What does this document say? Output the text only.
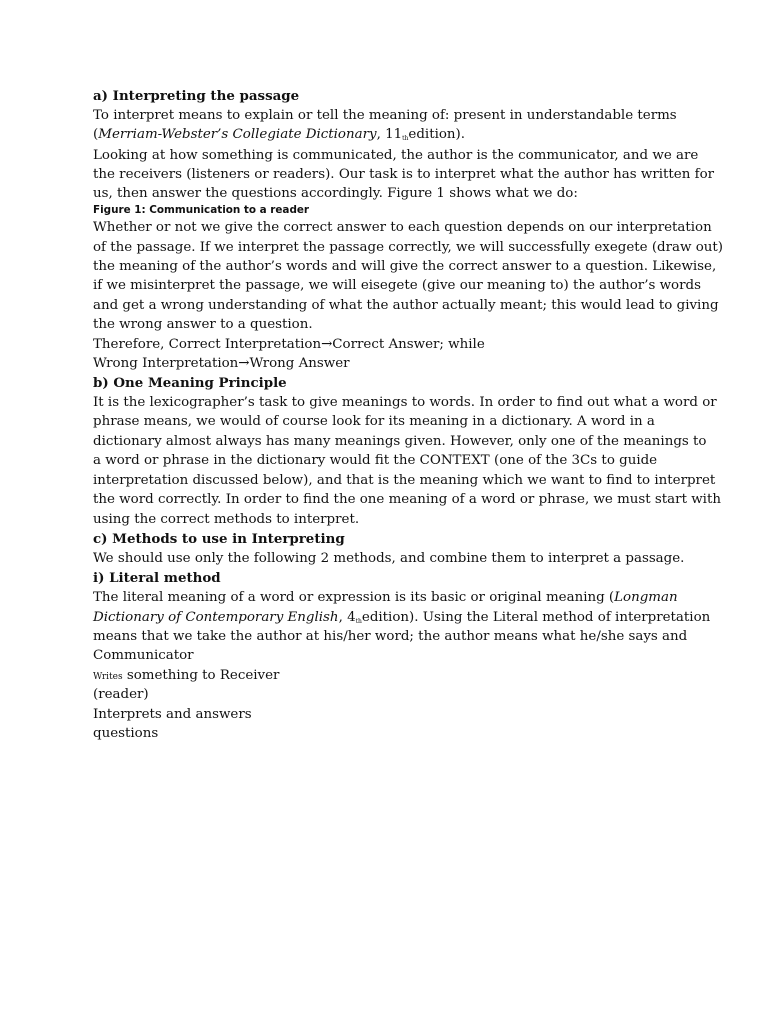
a) Interpreting the passage
To interpret means to explain or tell the meaning of: present in understandable terms
(Merriam-Webster’s Collegiate Dictionary, $11_{th}edition$).
Looking at how something is communicated, the author is the communicator, and we are
the receivers (listeners or readers). Our task is to interpret what the author has written for
us, then answer the questions accordingly. Figure 1 shows what we do:
Figure 1: Communication to a reader
Whether or not we give the correct answer to each question depends on our interpretation
of the passage. If we interpret the passage correctly, we will successfully exegete (draw out)
the meaning of the author’s words and will give the correct answer to a question. Likewise,
if we misinterpret the passage, we will eisegete (give our meaning to) the author’s words
and get a wrong understanding of what the author actually meant; this would lead to giving
the wrong answer to a question.
Therefore, Correct Interpretation→Correct Answer; while
Wrong Interpretation→Wrong Answer
b) One Meaning Principle
It is the lexicographer’s task to give meanings to words. In order to find out what a word or
phrase means, we would of course look for its meaning in a dictionary. A word in a
dictionary almost always has many meanings given. However, only one of the meanings to
a word or phrase in the dictionary would fit the CONTEXT (one of the 3Cs to guide
interpretation discussed below), and that is the meaning which we want to find to interpret
the word correctly. In order to find the one meaning of a word or phrase, we must start with
using the correct methods to interpret.
c) Methods to use in Interpreting
We should use only the following 2 methods, and combine them to interpret a passage.
i) Literal method
The literal meaning of a word or expression is its basic or original meaning (Longman
Dictionary of Contemporary English, $4_{th}edition$). Using the Literal method of interpretation
means that we take the author at his/her word; the author means what he/she says and
Communicator
Writes something to Receiver
(reader)
Interprets and answers
questions
